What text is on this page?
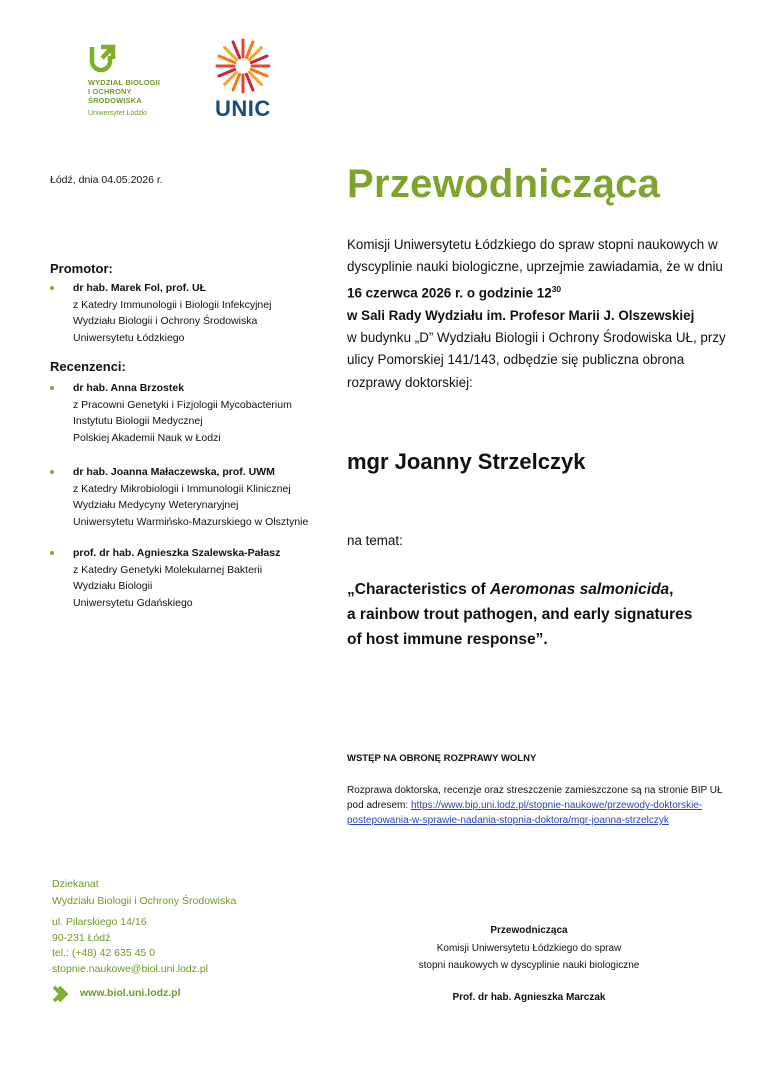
WYDZIAŁ BIOLOGII
I OCHRONY
ŚRODOWISKA
Uniwersytet Łódzki	UNIC
Łódź, dnia 04.05.2026 r.
Promotor:
dr hab. Marek Fol, prof. UŁ
z Katedry Immunologii i Biologii Infekcyjnej
Wydziału Biologii i Ochrony Środowiska
Uniwersytetu Łódzkiego
Recenzenci:
dr hab. Anna Brzostek
z Pracowni Genetyki i Fizjologii Mycobacterium
Instytutu Biologii Medycznej
Polskiej Akademii Nauk w Łodzi
dr hab. Joanna Małaczewska, prof. UWM
z Katedry Mikrobiologii i Immunologii Klinicznej
Wydziału Medycyny Weterynaryjnej
Uniwersytetu Warmińsko-Mazurskiego w Olsztynie
prof. dr hab. Agnieszka Szalewska-Pałasz
z Katedry Genetyki Molekularnej Bakterii
Wydziału Biologii
Uniwersytetu Gdańskiego
Przewodnicząca
Komisji Uniwersytetu Łódzkiego do spraw stopni naukowych w dyscyplinie nauki biologiczne, uprzejmie zawiadamia, że w dniu 16 czerwca 2026 r. o godzinie $12^{30}$
w Sali Rady Wydziału im. Profesor Marii J. Olszewskiej
w budynku „D” Wydziału Biologii i Ochrony Środowiska UŁ, przy ulicy Pomorskiej 141/143, odbędzie się publiczna obrona rozprawy doktorskiej:
mgr Joanny Strzelczyk
na temat:
„Characteristics of Aeromonas salmonicida,
a rainbow trout pathogen, and early signatures
of host immune response”.
WSTĘP NA OBRONĘ ROZPRAWY WOLNY
Rozprawa doktorska, recenzje oraz streszczenie zamieszczone są na stronie BIP UŁ pod adresem: https://www.bip.uni.lodz.pl/stopnie-naukowe/przewody-doktorskie-postepowania-w-sprawie-nadania-stopnia-doktora/mgr-joanna-strzelczyk
Dziekanat
Wydziału Biologii i Ochrony Środowiska
ul. Pilarskiego 14/16
90-231 Łódź
tel.: (+48) 42 635 45 0
stopnie.naukowe@biol.uni.lodz.pl
www.biol.uni.lodz.pl
Przewodnicząca
Komisji Uniwersytetu Łódzkiego do spraw
stopni naukowych w dyscyplinie nauki biologiczne
Prof. dr hab. Agnieszka Marczak
